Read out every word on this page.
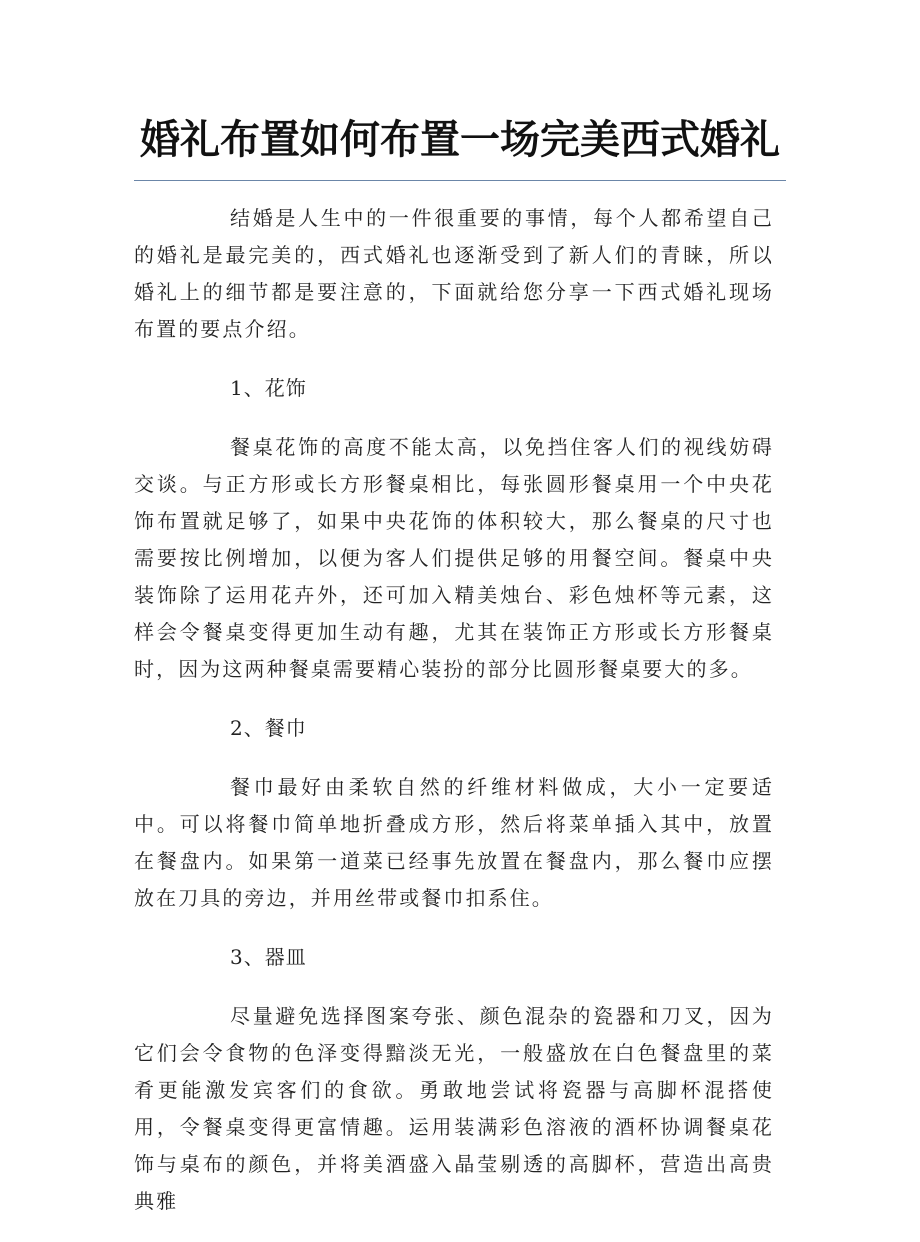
婚礼布置如何布置一场完美西式婚礼

结婚是人生中的一件很重要的事情，每个人都希望自己的婚礼是最完美的，西式婚礼也逐渐受到了新人们的青睐，所以婚礼上的细节都是要注意的，下面就给您分享一下西式婚礼现场布置的要点介绍。

1、花饰

餐桌花饰的高度不能太高，以免挡住客人们的视线妨碍交谈。与正方形或长方形餐桌相比，每张圆形餐桌用一个中央花饰布置就足够了，如果中央花饰的体积较大，那么餐桌的尺寸也需要按比例增加，以便为客人们提供足够的用餐空间。餐桌中央装饰除了运用花卉外，还可加入精美烛台、彩色烛杯等元素，这样会令餐桌变得更加生动有趣，尤其在装饰正方形或长方形餐桌时，因为这两种餐桌需要精心装扮的部分比圆形餐桌要大的多。

2、餐巾

餐巾最好由柔软自然的纤维材料做成，大小一定要适中。可以将餐巾简单地折叠成方形，然后将菜单插入其中，放置在餐盘内。如果第一道菜已经事先放置在餐盘内，那么餐巾应摆放在刀具的旁边，并用丝带或餐巾扣系住。

3、器皿

尽量避免选择图案夸张、颜色混杂的瓷器和刀叉，因为它们会令食物的色泽变得黯淡无光，一般盛放在白色餐盘里的菜肴更能激发宾客们的食欲。勇敢地尝试将瓷器与高脚杯混搭使用，令餐桌变得更富情趣。运用装满彩色溶液的酒杯协调餐桌花饰与桌布的颜色，并将美酒盛入晶莹剔透的高脚杯，营造出高贵典雅
